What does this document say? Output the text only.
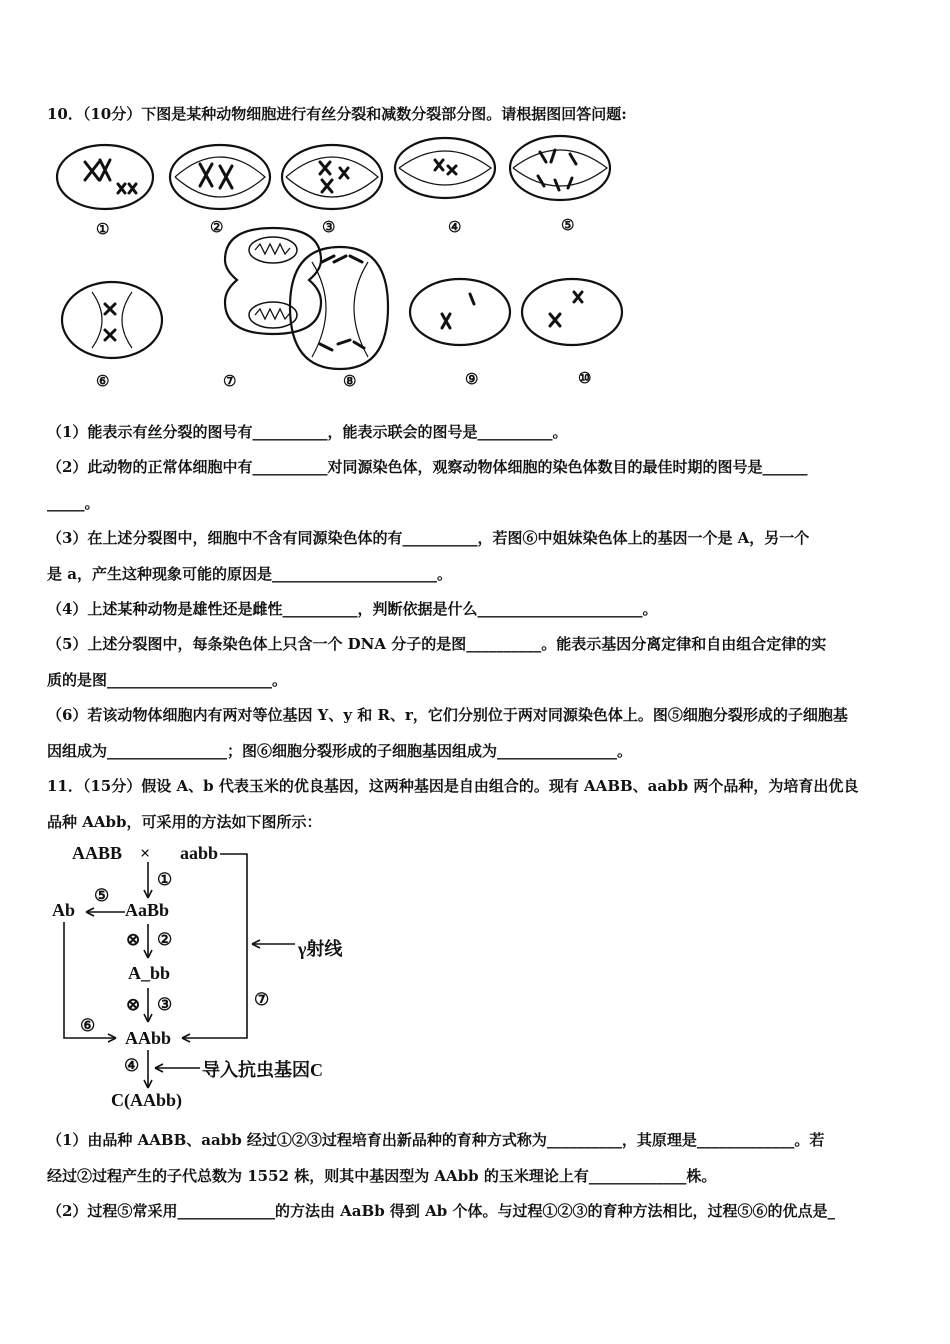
10．（10分）下图是某种动物细胞进行有丝分裂和减数分裂部分图。请根据图回答问题:
①	②	③	④	⑤
⑥	⑦	⑧	⑨	⑩
（1）能表示有丝分裂的图号有__________，能表示联会的图号是__________。
（2）此动物的正常体细胞中有__________对同源染色体，观察动物体细胞的染色体数目的最佳时期的图号是______
_____。
（3）在上述分裂图中，细胞中不含有同源染色体的有__________，若图⑥中姐妹染色体上的基因一个是 A，另一个
是 a，产生这种现象可能的原因是______________________。
（4）上述某种动物是雄性还是雌性__________，判断依据是什么______________________。
（5）上述分裂图中，每条染色体上只含一个 DNA 分子的是图__________。能表示基因分离定律和自由组合定律的实
质的是图______________________。
（6）若该动物体细胞内有两对等位基因 Y、y 和 R、r，它们分别位于两对同源染色体上。图⑤细胞分裂形成的子细胞基
因组成为________________；图⑥细胞分裂形成的子细胞基因组成为________________。
11．（15分）假设 A、b 代表玉米的优良基因，这两种基因是自由组合的。现有 AABB、aabb 两个品种，为培育出优良
品种 AAbb，可采用的方法如下图所示：
AABB × aabb
①
Ab
⑤
AaBb
⊗ ②
A_bb
γ射线
⊗ ③	⑦
⑥
AAbb
④	导入抗虫基因C
C(AAbb)
（1）由品种 AABB、aabb 经过①②③过程培育出新品种的育种方式称为__________，其原理是_____________。若
经过②过程产生的子代总数为 1552 株，则其中基因型为 AAbb 的玉米理论上有_____________株。
（2）过程⑤常采用_____________的方法由 AaBb 得到 Ab 个体。与过程①②③的育种方法相比，过程⑤⑥的优点是_
